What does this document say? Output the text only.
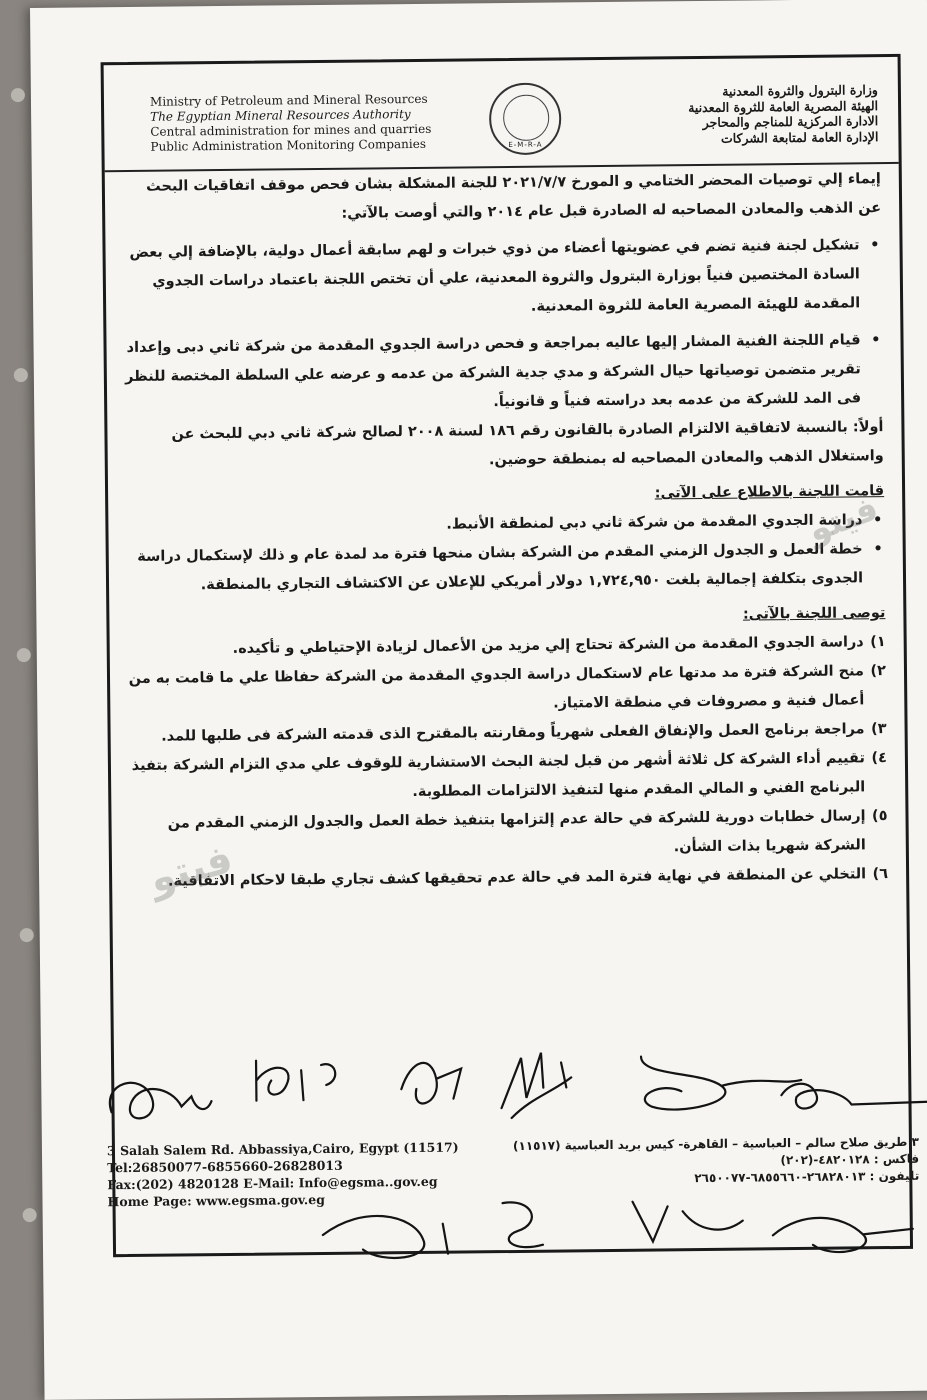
Ministry of Petroleum and Mineral Resources
The Egyptian Mineral Resources Authority
Central administration for mines and quarries
Public Administration Monitoring Companies	E-M-R-A
وزارة البترول والثروة المعدنية
الهيئة المصرية العامة للثروة المعدنية
الادارة المركزية للمناجم والمحاجر
الإدارة العامة لمتابعة الشركات

إيماء إلي توصيات المحضر الختامي و المورخ ٢٠٢١/٧/٧ للجنة المشكلة بشان فحص موقف اتفاقيات البحث عن الذهب والمعادن المصاحبه له الصادرة قبل عام ٢٠١٤ والتي أوصت بالآتي:

• تشكيل لجنة فنية تضم في عضويتها أعضاء من ذوي خبرات و لهم سابقة أعمال دولية، بالإضافة إلي بعض السادة المختصين فنياً بوزارة البترول والثروة المعدنية، علي أن تختص اللجنة باعتماد دراسات الجدوي المقدمة للهيئة المصرية العامة للثروة المعدنية.

• قيام اللجنة الفنية المشار إليها عاليه بمراجعة و فحص دراسة الجدوي المقدمة من شركة ثاني دبى وإعداد تقرير متضمن توصياتها حيال الشركة و مدي جدية الشركة من عدمه و عرضه علي السلطة المختصة للنظر فى المد للشركة من عدمه بعد دراسته فنياً و قانونياً.

أولاً: بالنسبة لاتفاقية الالتزام الصادرة بالقانون رقم ١٨٦ لسنة ٢٠٠٨ لصالح شركة ثاني دبي للبحث عن واستغلال الذهب والمعادن المصاحبه له بمنطقة حوضين.

قامت اللجنة بالاطلاع على الآتى:

• دراسة الجدوي المقدمة من شركة ثاني دبي لمنطقة الأنبط.

• خطة العمل و الجدول الزمني المقدم من الشركة بشان منحها فترة مد لمدة عام و ذلك لإستكمال دراسة الجدوى بتكلفة إجمالية بلغت ١,٧٢٤,٩٥٠ دولار أمريكي للإعلان عن الاكتشاف التجاري بالمنطقة.

توصى اللجنة بالآتى:

١)
دراسة الجدوي المقدمة من الشركة تحتاج إلي مزيد من الأعمال لزيادة الإحتياطي و تأكيده.

٢)
منح الشركة فترة مد مدتها عام لاستكمال دراسة الجدوي المقدمة من الشركة حفاظا علي ما قامت به من أعمال فنية و مصروفات في منطقة الامتياز.

٣)
مراجعة برنامج العمل والإنفاق الفعلى شهرياً ومقارنته بالمقترح الذى قدمته الشركة فى طلبها للمد.

٤)
تقييم أداء الشركة كل ثلاثة أشهر من قبل لجنة البحث الاستشارية للوقوف علي مدي التزام الشركة بتفيذ البرنامج الفني و المالي المقدم منها لتنفيذ الالتزامات المطلوبة.

٥)
إرسال خطابات دورية للشركة في حالة عدم إلتزامها بتنفيذ خطة العمل والجدول الزمني المقدم من الشركة شهريا بذات الشأن.

٦)
التخلي عن المنطقة في نهاية فترة المد في حالة عدم تحقيقها كشف تجاري طبقا لاحكام الاتفاقية.

3 Salah Salem Rd. Abbassiya,Cairo, Egypt (11517)
Tel:26850077-6855660-26828013
Fax:(202) 4820128 E-Mail: Info@egsma..gov.eg
Home Page: www.egsma.gov.eg
٣ طريق صلاح سالم – العباسية – القاهرة- كيس بريد العباسية (١١٥١٧)
فاكس : ٤٨٢٠١٢٨-(٢٠٢)
تليفون : ٢٦٨٢٨٠١٣-٦٨٥٥٦٦٠-٢٦٥٠٠٧٧
فيتو
فيتو
